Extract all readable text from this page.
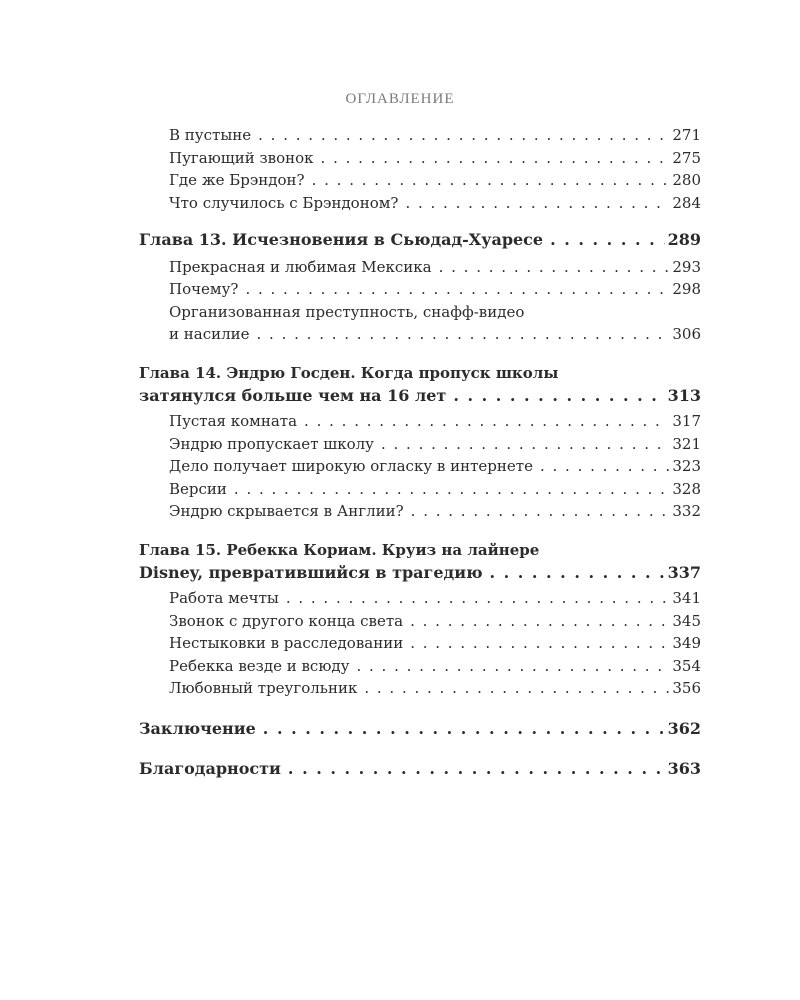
ОГЛАВЛЕНИЕ
В пустыне . . .	271
Пугающий звонок . . .	275
Где же Брэндон? . . .	280
Что случилось с Брэндоном? . . .	284
Глава 13. Исчезновения в Сьюдад-Хуаресе . . .	289
Прекрасная и любимая Мексика . . .	293
Почему? . . .	298
Организованная преступность, снафф-видео
и насилие . . .	306
Глава 14. Эндрю Госден. Когда пропуск школы
затянулся больше чем на 16 лет . . .	313
Пустая комната . . .	317
Эндрю пропускает школу . . .	321
Дело получает широкую огласку в интернете . . .	323
Версии . . .	328
Эндрю скрывается в Англии? . . .	332
Глава 15. Ребекка Кориам. Круиз на лайнере
Disney, превратившийся в трагедию . . .	337
Работа мечты . . .	341
Звонок с другого конца света . . .	345
Нестыковки в расследовании . . .	349
Ребекка везде и всюду . . .	354
Любовный треугольник . . .	356
Заключение . . .	362
Благодарности . . .	363
